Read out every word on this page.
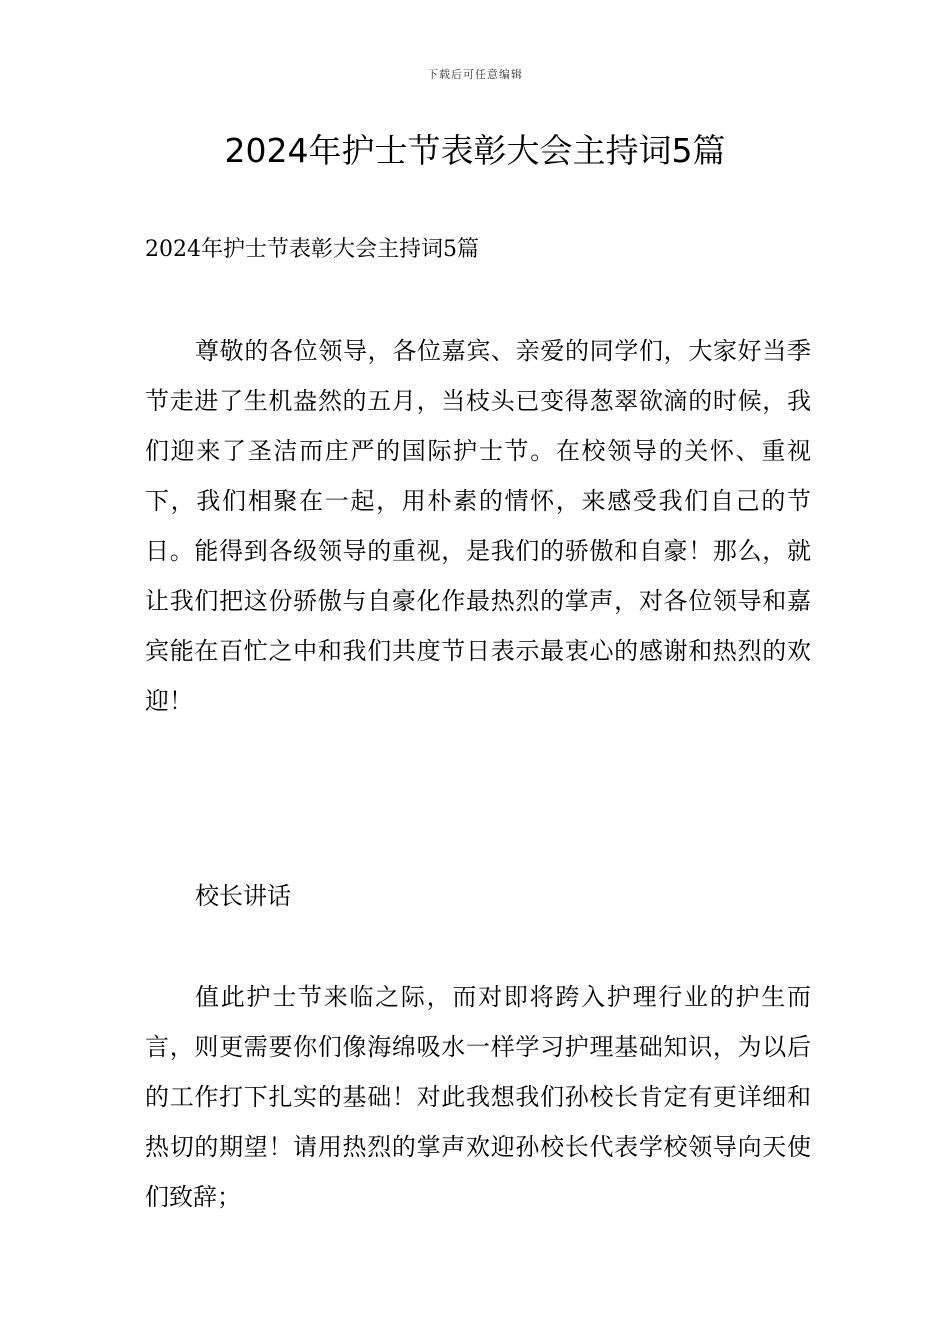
下载后可任意编辑
2024年护士节表彰大会主持词5篇

2024年护士节表彰大会主持词5篇

尊敬的各位领导，各位嘉宾、亲爱的同学们，大家好当季节走进了生机盎然的五月，当枝头已变得葱翠欲滴的时候，我们迎来了圣洁而庄严的国际护士节。在校领导的关怀、重视下，我们相聚在一起，用朴素的情怀，来感受我们自己的节日。能得到各级领导的重视，是我们的骄傲和自豪！那么，就让我们把这份骄傲与自豪化作最热烈的掌声，对各位领导和嘉宾能在百忙之中和我们共度节日表示最衷心的感谢和热烈的欢迎！

校长讲话

值此护士节来临之际，而对即将跨入护理行业的护生而言，则更需要你们像海绵吸水一样学习护理基础知识，为以后的工作打下扎实的基础！对此我想我们孙校长肯定有更详细和热切的期望！请用热烈的掌声欢迎孙校长代表学校领导向天使们致辞；
